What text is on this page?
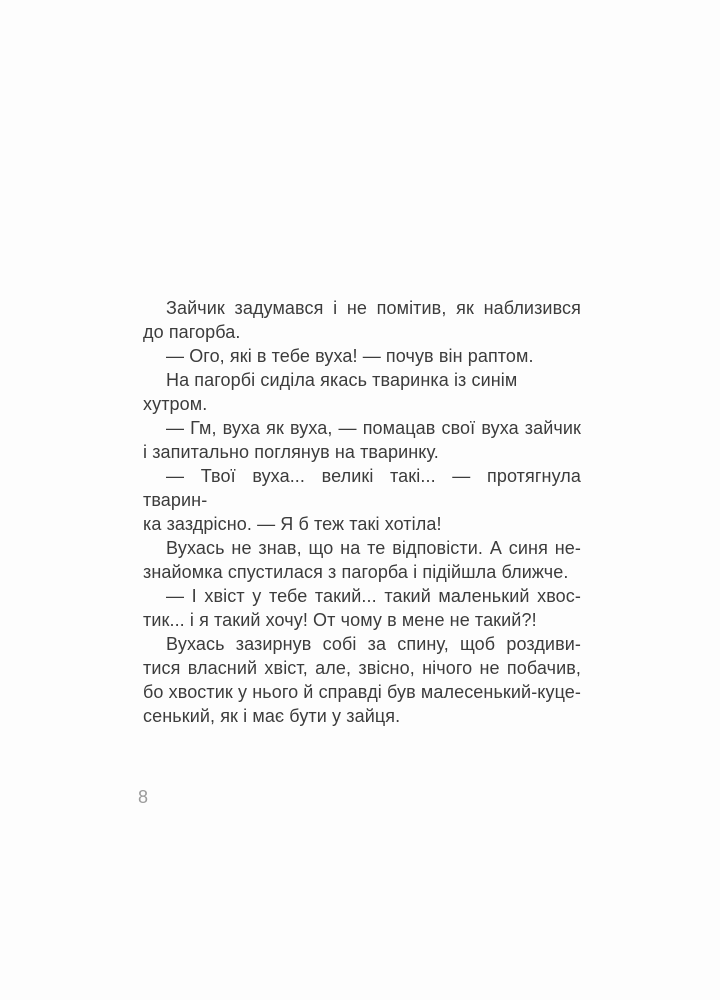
Зайчик задумався і не помітив, як наблизився
до пагорба.
— Ого, які в тебе вуха! — почув він раптом.
На пагорбі сиділа якась тваринка із синім
хутром.
— Гм, вуха як вуха, — помацав свої вуха зайчик
і запитально поглянув на тваринку.
— Твої вуха... великі такі... — протягнула тварин-
ка заздрісно. — Я б теж такі хотіла!
Вухась не знав, що на те відповісти. А синя не-
знайомка спустилася з пагорба і підійшла ближче.
— І хвіст у тебе такий... такий маленький хвос-
тик... і я такий хочу! От чому в мене не такий?!
Вухась зазирнув собі за спину, щоб роздиви-
тися власний хвіст, але, звісно, нічого не побачив,
бо хвостик у нього й справді був малесенький-куце-
сенький, як і має бути у зайця.
8
